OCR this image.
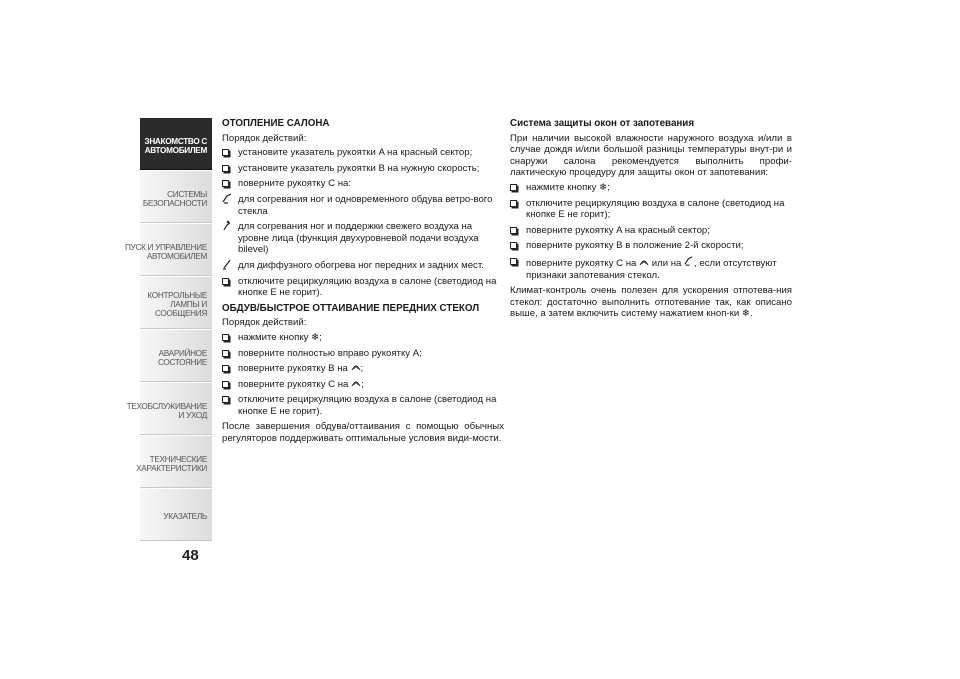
ЗНАКОМСТВО С
АВТОМОБИЛЕМ
СИСТЕМЫ
БЕЗОПАСНОСТИ
ПУСК И УПРАВЛЕНИЕ
АВТОМОБИЛЕМ
КОНТРОЛЬНЫЕ
ЛАМПЫ И
СООБЩЕНИЯ
АВАРИЙНОЕ
СОСТОЯНИЕ
ТЕХОБСЛУЖИВАНИЕ
И УХОД
ТЕХНИЧЕСКИЕ
ХАРАКТЕРИСТИКИ
УКАЗАТЕЛЬ
48
ОТОПЛЕНИЕ САЛОНА
Порядок действий:
установите указатель рукоятки A на красный сектор;
установите указатель рукоятки B на нужную скорость;
поверните рукоятку C на:
для согревания ног и одновременного обдува ветро-вого стекла
для согревания ног и поддержки свежего воздуха на уровне лица (функция двухуровневой подачи воздуха bilevel)
для диффузного обогрева ног передних и задних мест.
отключите рециркуляцию воздуха в салоне (светодиод на кнопке E не горит).
ОБДУВ/БЫСТРОЕ ОТТАИВАНИЕ ПЕРЕДНИХ СТЕКОЛ
Порядок действий:
нажмите кнопку ❄;
поверните полностью вправо рукоятку A;
поверните рукоятку B на ;
поверните рукоятку C на ;
отключите рециркуляцию воздуха в салоне (светодиод на кнопке E не горит).
После завершения обдува/оттаивания с помощью обычных регуляторов поддерживать оптимальные условия види-мости.
Система защиты окон от запотевания
При наличии высокой влажности наружного воздуха и/или в случае дождя и/или большой разницы температуры внут-ри и снаружи салона рекомендуется выполнить профи-лактическую процедуру для защиты окон от запотевания:
нажмите кнопку ❄;
отключите рециркуляцию воздуха в салоне (светодиод на кнопке E не горит);
поверните рукоятку A на красный сектор;
поверните рукоятку B в положение 2-й скорости;
поверните рукоятку C на или на , если отсутствуют признаки запотевания стекол.
Климат-контроль очень полезен для ускорения отпотева-ния стекол: достаточно выполнить отпотевание так, как описано выше, а затем включить систему нажатием кноп-ки ❄.
